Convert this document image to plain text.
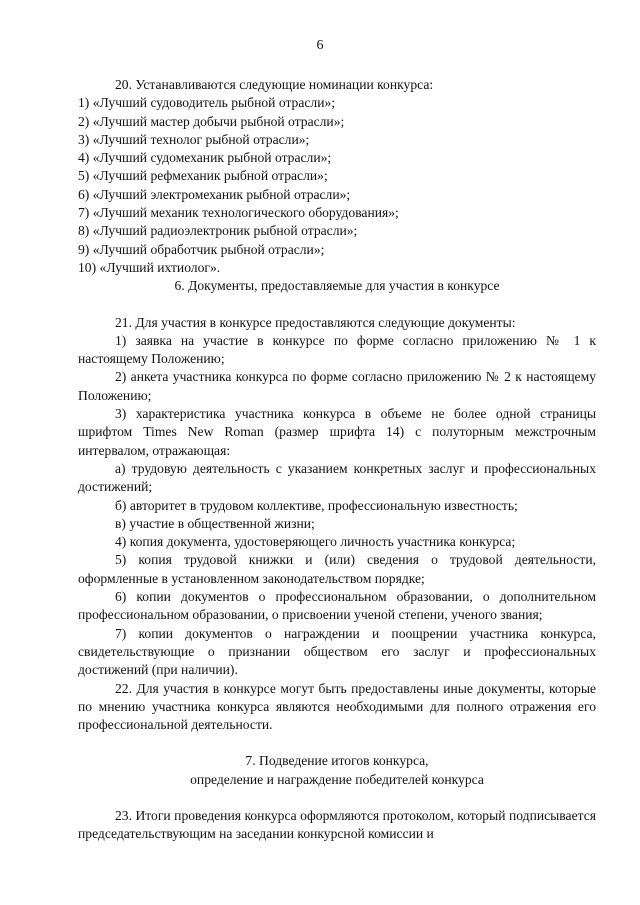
6
20. Устанавливаются следующие номинации конкурса:
1) «Лучший судоводитель рыбной отрасли»;
2) «Лучший мастер добычи рыбной отрасли»;
3) «Лучший технолог рыбной отрасли»;
4) «Лучший судомеханик рыбной отрасли»;
5) «Лучший рефмеханик рыбной отрасли»;
6) «Лучший электромеханик рыбной отрасли»;
7) «Лучший механик технологического оборудования»;
8) «Лучший радиоэлектроник рыбной отрасли»;
9) «Лучший обработчик рыбной отрасли»;
10) «Лучший ихтиолог».
6. Документы, предоставляемые для участия в конкурсе
21. Для участия в конкурсе предоставляются следующие документы:
1) заявка на участие в конкурсе по форме согласно приложению № 1 к настоящему Положению;
2) анкета участника конкурса по форме согласно приложению № 2 к настоящему Положению;
3) характеристика участника конкурса в объеме не более одной страницы шрифтом Times New Roman (размер шрифта 14) с полуторным межстрочным интервалом, отражающая:
а) трудовую деятельность с указанием конкретных заслуг и профессиональных достижений;
б) авторитет в трудовом коллективе, профессиональную известность;
в) участие в общественной жизни;
4) копия документа, удостоверяющего личность участника конкурса;
5) копия трудовой книжки и (или) сведения о трудовой деятельности, оформленные в установленном законодательством порядке;
6) копии документов о профессиональном образовании, о дополнительном профессиональном образовании, о присвоении ученой степени, ученого звания;
7) копии документов о награждении и поощрении участника конкурса, свидетельствующие о признании обществом его заслуг и профессиональных достижений (при наличии).
22. Для участия в конкурсе могут быть предоставлены иные документы, которые по мнению участника конкурса являются необходимыми для полного отражения его профессиональной деятельности.
7. Подведение итогов конкурса,
определение и награждение победителей конкурса
23. Итоги проведения конкурса оформляются протоколом, который подписывается председательствующим на заседании конкурсной комиссии и
